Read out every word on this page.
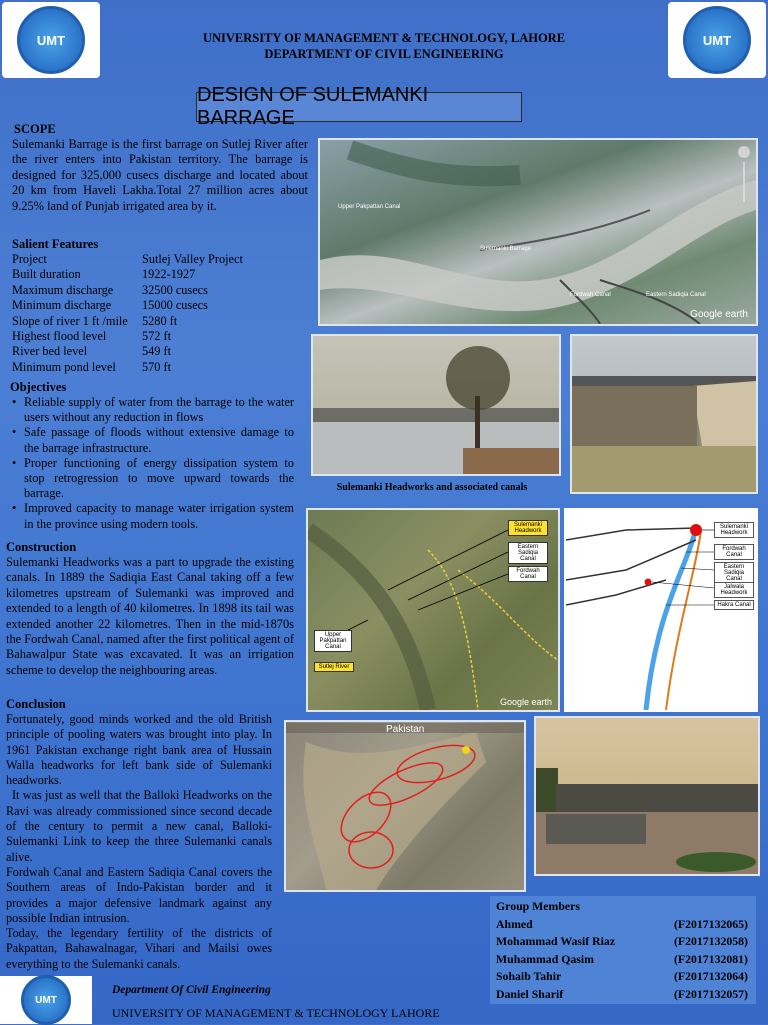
UMT	UMT
UNIVERSITY OF MANAGEMENT & TECHNOLOGY, LAHORE
DEPARTMENT OF CIVIL ENGINEERING
DESIGN OF SULEMANKI BARRAGE
SCOPE

Sulemanki Barrage is the first barrage on Sutlej River after the river enters into Pakistan territory. The barrage is designed for 325,000 cusecs discharge and located about 20 km from Haveli Lakha.Total 27 million acres about 9.25% land of Punjab irrigated area by it.

Salient Features
Project	Sutlej Valley Project
Built duration	1922-1927
Maximum discharge	32500 cusecs
Minimum discharge	15000 cusecs
Slope of river 1 ft /mile	5280 ft
Highest flood level	572 ft
River bed level	549 ft
Minimum pond level	570 ft
Objectives
• Reliable supply of water from the barrage to the water users without any reduction in flows
• Safe passage of floods without extensive damage to the barrage infrastructure.
• Proper functioning of energy dissipation system to stop retrogression to move upward towards the barrage.
• Improved capacity to manage water irrigation system in the province using modern tools.
Construction

Sulemanki Headworks was a part to upgrade the existing canals. In 1889 the Sadiqia East Canal taking off a few kilometres upstream of Sulemanki was improved and extended to a length of 40 kilometres. In 1898 its tail was extended another 22 kilometres. Then in the mid-1870s the Fordwah Canal, named after the first political agent of Bahawalpur State was excavated. It was an irrigation scheme to develop the neighbouring areas.

Conclusion

Fortunately, good minds worked and the old British principle of pooling waters was brought into play. In 1961 Pakistan exchange right bank area of Hussain Walla headworks for left bank side of Sulemanki headworks.

It was just as well that the Balloki Headworks on the Ravi was already commissioned since second decade of the century to permit a new canal, Balloki-Sulemanki Link to keep the three Sulemanki canals alive.

Fordwah Canal and Eastern Sadiqia Canal covers the Southern areas of Indo-Pakistan border and it provides a major defensive landmark against any possible Indian intrusion.

Today, the legendary fertility of the districts of Pakpattan, Bahawalnagar, Vihari and Mailsi owes everything to the Sulemanki canals.

Upper Pakpattan Canal
Sulemanki Barrage
Fordwah Canal	Eastern Sadiqia Canal
Google earth
Sulemanki Headworks and associated canals
Sulemanki Headwork
Eastern Sadiqia Canal
Fordwah Canal
Upper Pakpattan Canal
Sutlej River
Google earth
Sulemanki Headwork
Fordwah Canal
Eastern Sadiqia Canal
Jalwala Headwork
Hakra Canal
Pakistan
Group Members
Ahmed	(F2017132065)
Mohammad Wasif Riaz	(F2017132058)
Muhammad Qasim	(F2017132081)
Sohaib Tahir	(F2017132064)
Daniel Sharif	(F2017132057)
UMT
Department Of Civil Engineering
UNIVERSITY OF MANAGEMENT & TECHNOLOGY LAHORE
